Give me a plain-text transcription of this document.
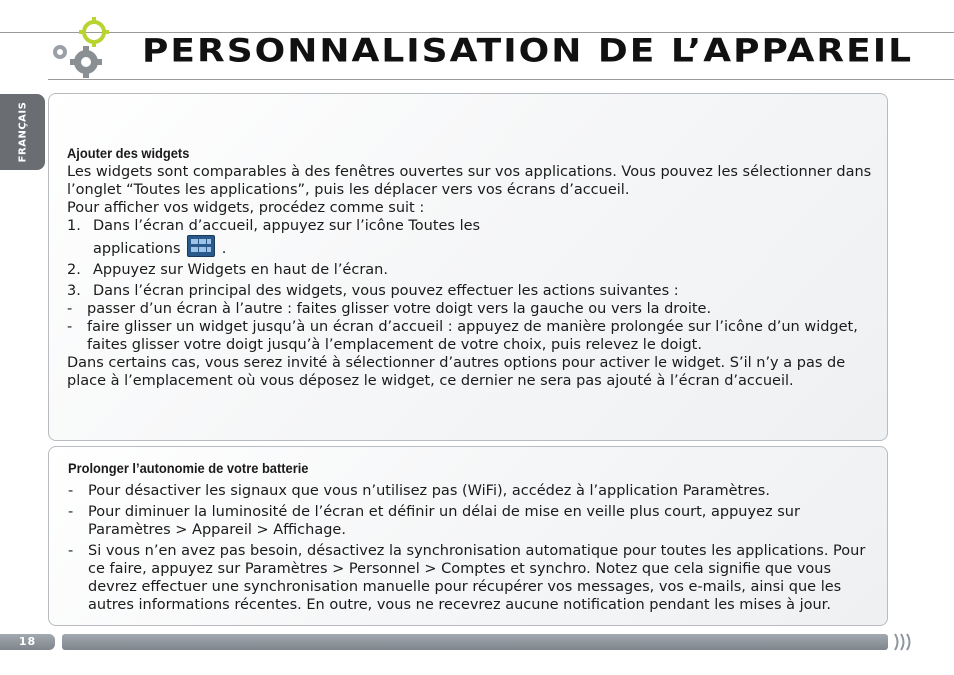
PERSONNALISATION DE L’APPAREIL
FRANÇAIS	Ajouter des widgets

Les widgets sont comparables à des fenêtres ouvertes sur vos applications. Vous pouvez les sélectionner dans l’onglet “Toutes les applications”, puis les déplacer vers vos écrans d’accueil.

Pour afficher vos widgets, procédez comme suit :

1. Dans l’écran d’accueil, appuyez sur l’icône Toutes les
applications	.
2. Appuyez sur Widgets en haut de l’écran.
3. Dans l’écran principal des widgets, vous pouvez effectuer les actions suivantes :
-	passer d’un écran à l’autre : faites glisser votre doigt vers la gauche ou vers la droite.
-	faire glisser un widget jusqu’à un écran d’accueil : appuyez de manière prolongée sur l’icône d’un widget, faites glisser votre doigt jusqu’à l’emplacement de votre choix, puis relevez le doigt.

Dans certains cas, vous serez invité à sélectionner d’autres options pour activer le widget. S’il n’y a pas de place à l’emplacement où vous déposez le widget, ce dernier ne sera pas ajouté à l’écran d’accueil.

Prolonger l’autonomie de votre batterie
-	Pour désactiver les signaux que vous n’utilisez pas (WiFi), accédez à l’application Paramètres.
-	Pour diminuer la luminosité de l’écran et définir un délai de mise en veille plus court, appuyez sur Paramètres > Appareil > Affichage.
-	Si vous n’en avez pas besoin, désactivez la synchronisation automatique pour toutes les applications. Pour ce faire, appuyez sur Paramètres > Personnel > Comptes et synchro. Notez que cela signifie que vous devrez effectuer une synchronisation manuelle pour récupérer vos messages, vos e-mails, ainsi que les autres informations récentes. En outre, vous ne recevrez aucune notification pendant les mises à jour.
18
